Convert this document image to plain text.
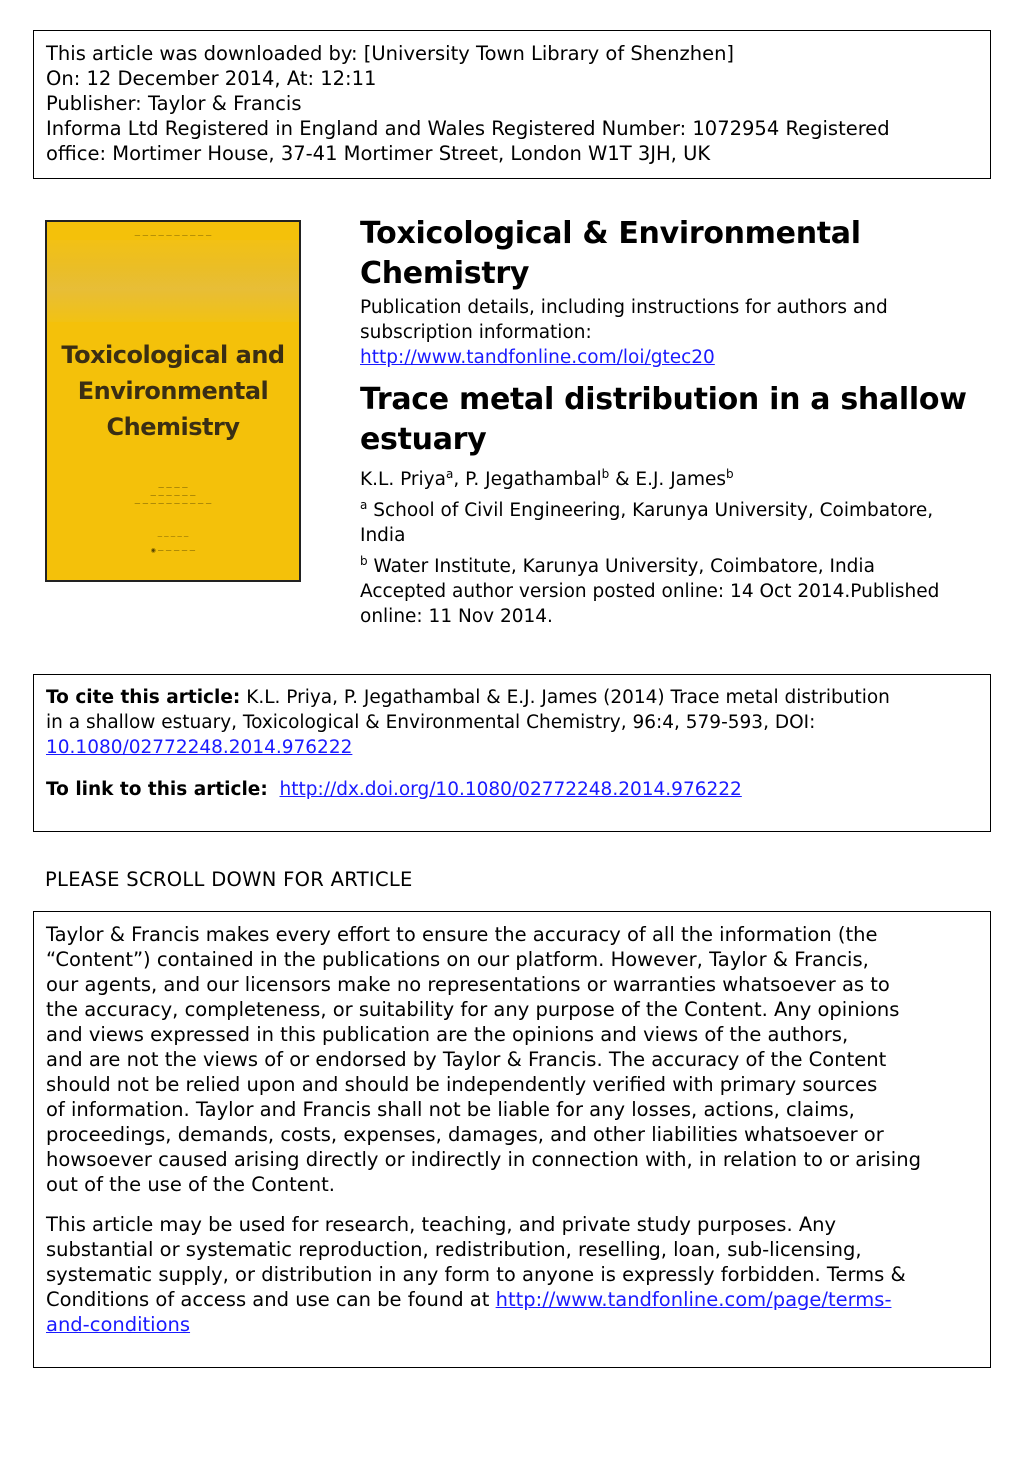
This article was downloaded by: [University Town Library of Shenzhen]
On: 12 December 2014, At: 12:11
Publisher: Taylor & Francis
Informa Ltd Registered in England and Wales Registered Number: 1072954 Registered
office: Mortimer House, 37-41 Mortimer Street, London W1T 3JH, UK
— — — — — — — — — —
Toxicological and
Environmental
Chemistry
— — — —
— — — — — —
— — — — — — — — — —
— — — — —
◉ — — — — —
Toxicological & Environmental
Chemistry
Publication details, including instructions for authors and
subscription information:
http://www.tandfonline.com/loi/gtec20
Trace metal distribution in a shallow
estuary
K.L. Priya$^a$, P. Jegathambal$^b$ & E.J. James$^b$
$^a$ School of Civil Engineering, Karunya University, Coimbatore,
India
$^b$ Water Institute, Karunya University, Coimbatore, India
Accepted author version posted online: 14 Oct 2014.Published
online: 11 Nov 2014.
To cite this article: K.L. Priya, P. Jegathambal & E.J. James (2014) Trace metal distribution
in a shallow estuary, Toxicological & Environmental Chemistry, 96:4, 579-593, DOI:
10.1080/02772248.2014.976222
To link to this article: http://dx.doi.org/10.1080/02772248.2014.976222
PLEASE SCROLL DOWN FOR ARTICLE

Taylor & Francis makes every effort to ensure the accuracy of all the information (the
“Content”) contained in the publications on our platform. However, Taylor & Francis,
our agents, and our licensors make no representations or warranties whatsoever as to
the accuracy, completeness, or suitability for any purpose of the Content. Any opinions
and views expressed in this publication are the opinions and views of the authors,
and are not the views of or endorsed by Taylor & Francis. The accuracy of the Content
should not be relied upon and should be independently verified with primary sources
of information. Taylor and Francis shall not be liable for any losses, actions, claims,
proceedings, demands, costs, expenses, damages, and other liabilities whatsoever or
howsoever caused arising directly or indirectly in connection with, in relation to or arising
out of the use of the Content.

This article may be used for research, teaching, and private study purposes. Any
substantial or systematic reproduction, redistribution, reselling, loan, sub-licensing,
systematic supply, or distribution in any form to anyone is expressly forbidden. Terms &
Conditions of access and use can be found at http://www.tandfonline.com/page/terms-
and-conditions
